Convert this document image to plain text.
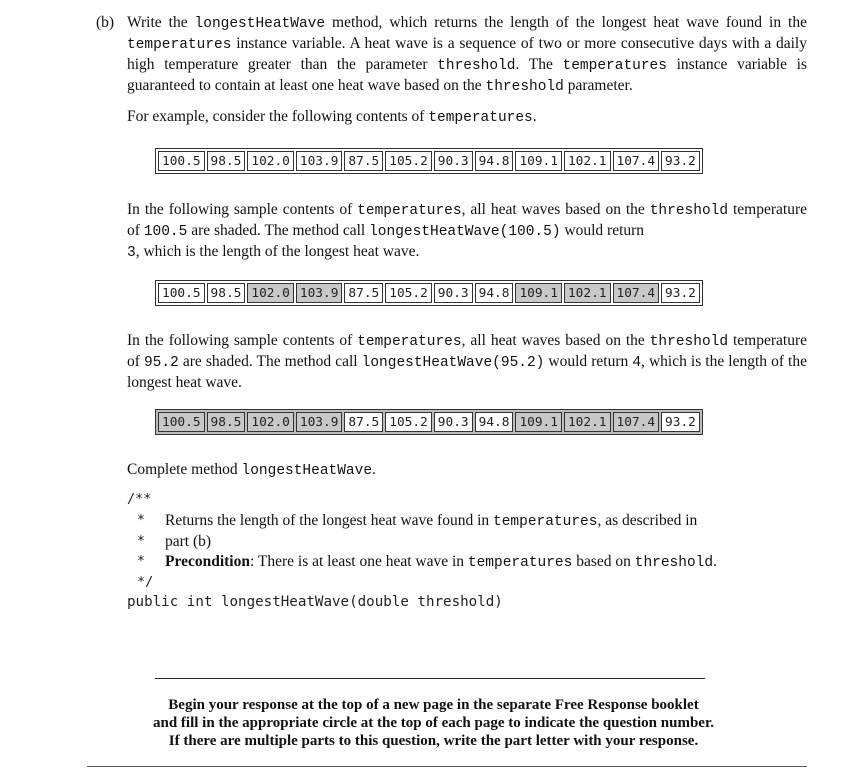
(b) Write the longestHeatWave method, which returns the length of the longest heat wave found in the temperatures instance variable. A heat wave is a sequence of two or more consecutive days with a daily high temperature greater than the parameter threshold. The temperatures instance variable is guaranteed to contain at least one heat wave based on the threshold parameter.
For example, consider the following contents of temperatures.
100.5 98.5 102.0 103.9 87.5 105.2 90.3 94.8 109.1 102.1 107.4 93.2
In the following sample contents of temperatures, all heat waves based on the threshold temperature of 100.5 are shaded. The method call longestHeatWave(100.5) would return
3, which is the length of the longest heat wave.
100.5 98.5 102.0 103.9 87.5 105.2 90.3 94.8 109.1 102.1 107.4 93.2
In the following sample contents of temperatures, all heat waves based on the threshold temperature of 95.2 are shaded. The method call longestHeatWave(95.2) would return 4, which is the length of the longest heat wave.
100.5 98.5 102.0 103.9 87.5 105.2 90.3 94.8 109.1 102.1 107.4 93.2
Complete method longestHeatWave.
/**
* Returns the length of the longest heat wave found in temperatures, as described in
* part (b)
* Precondition: There is at least one heat wave in temperatures based on threshold.
*/
public int longestHeatWave(double threshold)
Begin your response at the top of a new page in the separate Free Response booklet
and fill in the appropriate circle at the top of each page to indicate the question number.
If there are multiple parts to this question, write the part letter with your response.
